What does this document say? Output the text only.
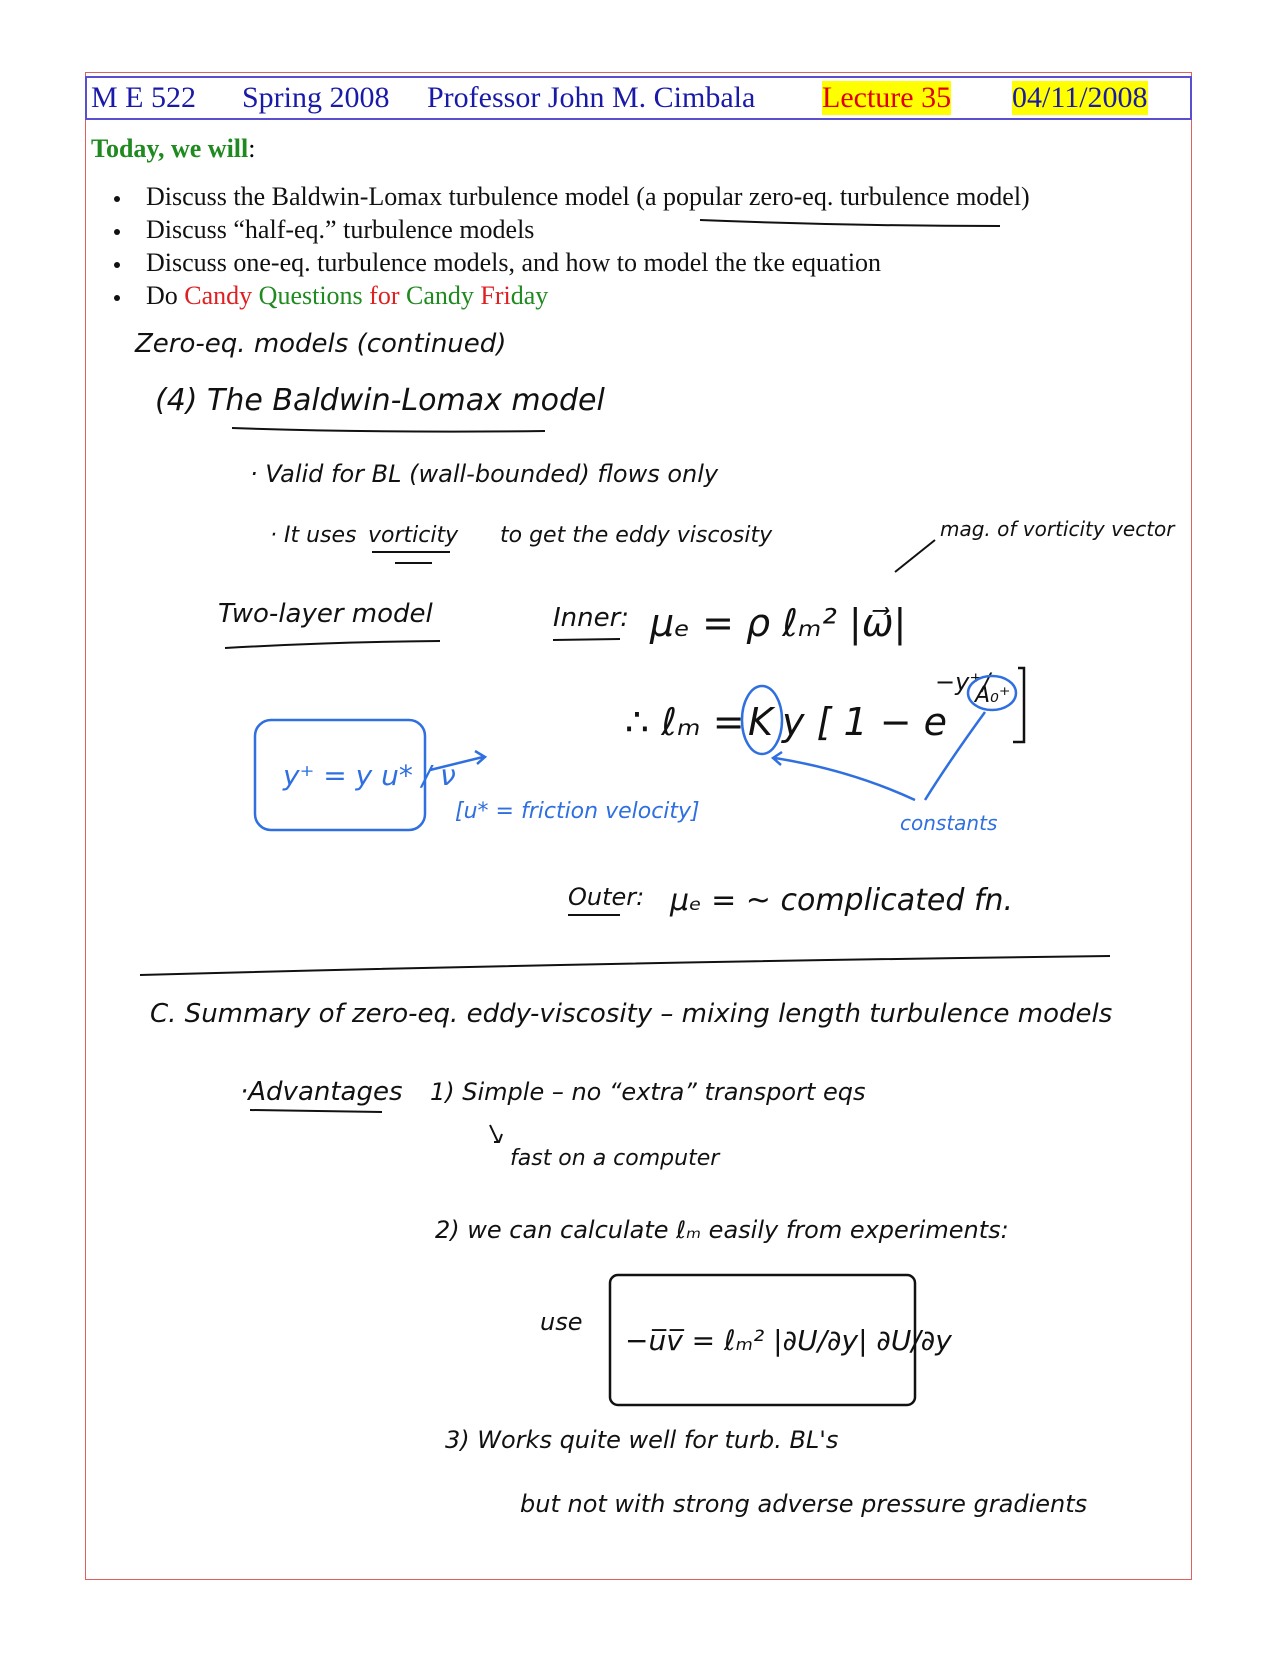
M E 522 Spring 2008 Professor John M. Cimbala Lecture 35 04/11/2008
Today, we will:
Discuss the Baldwin-Lomax turbulence model (a popular zero-eq. turbulence model)
Discuss “half-eq.” turbulence models
Discuss one-eq. turbulence models, and how to model the tke equation
Do Candy Questions for Candy Friday
Zero-eq. models (continued)
(4) The Baldwin-Lomax model
· Valid for BL (wall-bounded) flows only
· It uses vorticity to get the eddy viscosity	mag. of vorticity vector
Two-layer model	Inner: μₑ = ρ ℓₘ² |ω⃗|
∴ ℓₘ = K y [ 1 − e
−y⁺/
A₀⁺
y⁺ = y u* / ν
[u* = friction velocity]	constants
Outer: μₑ = ~ complicated fn.
C. Summary of zero-eq. eddy-viscosity – mixing length turbulence models
·Advantages 1) Simple – no “extra” transport eqs
fast on a computer
2) we can calculate ℓₘ easily from experiments:
use
−u̅v̅ = ℓₘ² |∂U/∂y| ∂U/∂y
3) Works quite well for turb. BL's
but not with strong adverse pressure gradients
